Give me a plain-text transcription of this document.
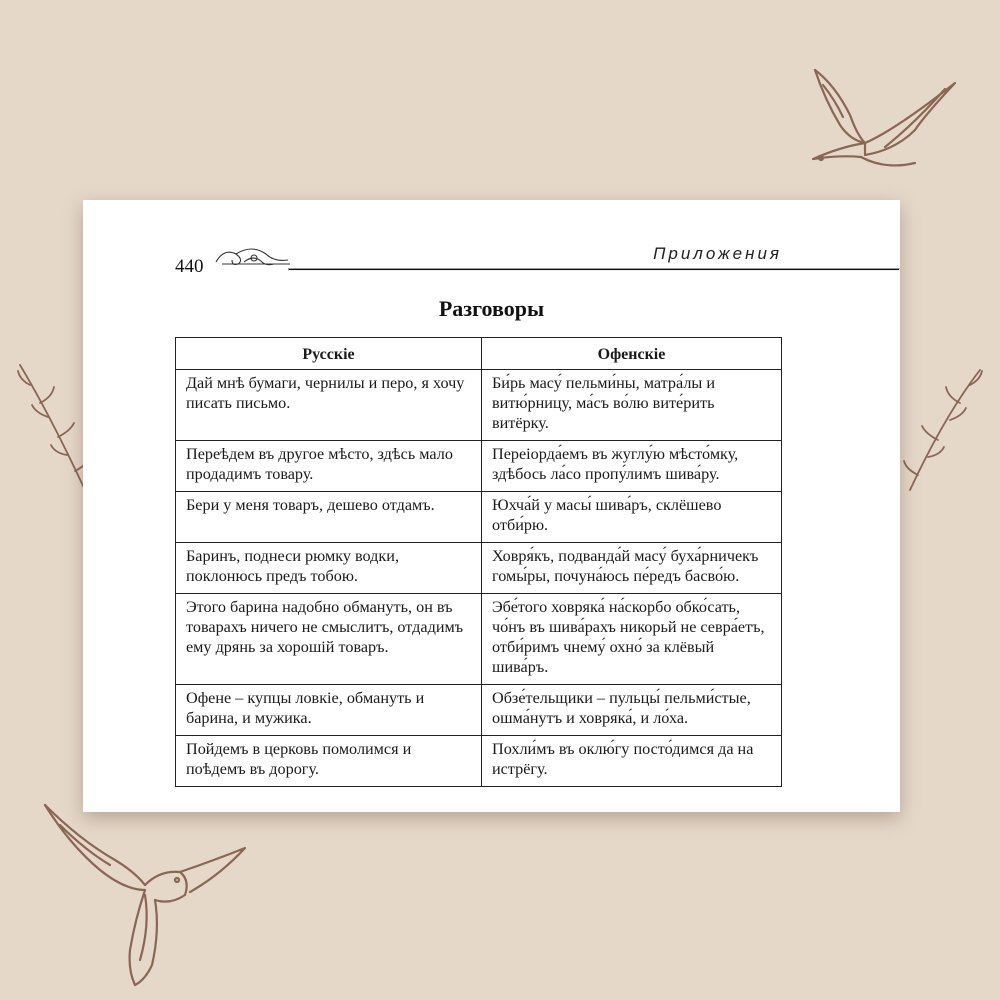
440
Приложения
Разговоры
Русскіе	Офенскіе
Дай мнѣ бумаги, чернилы и перо, я хочу писать письмо.	Би́рь масу́ пельми́ны, матра́лы и витю́рницу, ма́съ во́лю вите́рить витёрку.
Переѣдем въ другое мѣсто, здѣсь мало продадимъ товару.	Переіорда́емъ въ жуглу́ю мѣсто́мку, здѣбось ла́со пропу́лимъ шива́ру.
Бери у меня товаръ, дешево отдамъ.	Юхча́й у масы́ шива́ръ, склёшево отби́рю.
Баринъ, поднеси рюмку водки, поклонюсь предъ тобою.	Ховря́къ, подванда́й масу́ буха́рничекъ гомы́ры, почуна́юсь пе́редъ басво́ю.
Этого барина надобно обмануть, он въ товарахъ ничего не смыслитъ, отдадимъ ему дрянь за хорошій товаръ.	Эбе́того ховряка́ на́скорбо обко́сать, чо́нъ въ шива́рахъ никорьй не севра́етъ, отби́римъ чнему́ охно́ за клёвый шива́ръ.
Офене – купцы ловкіе, обмануть и барина, и мужика.	Обзе́тельщики – пульцы́ пельми́стые, ошма́нутъ и ховряка́, и ло́ха.
Пойдемъ в церковь помолимся и поѣдемъ въ дорогу.	Похли́мъ въ оклю́гу посто́димся да на истрёгу.
